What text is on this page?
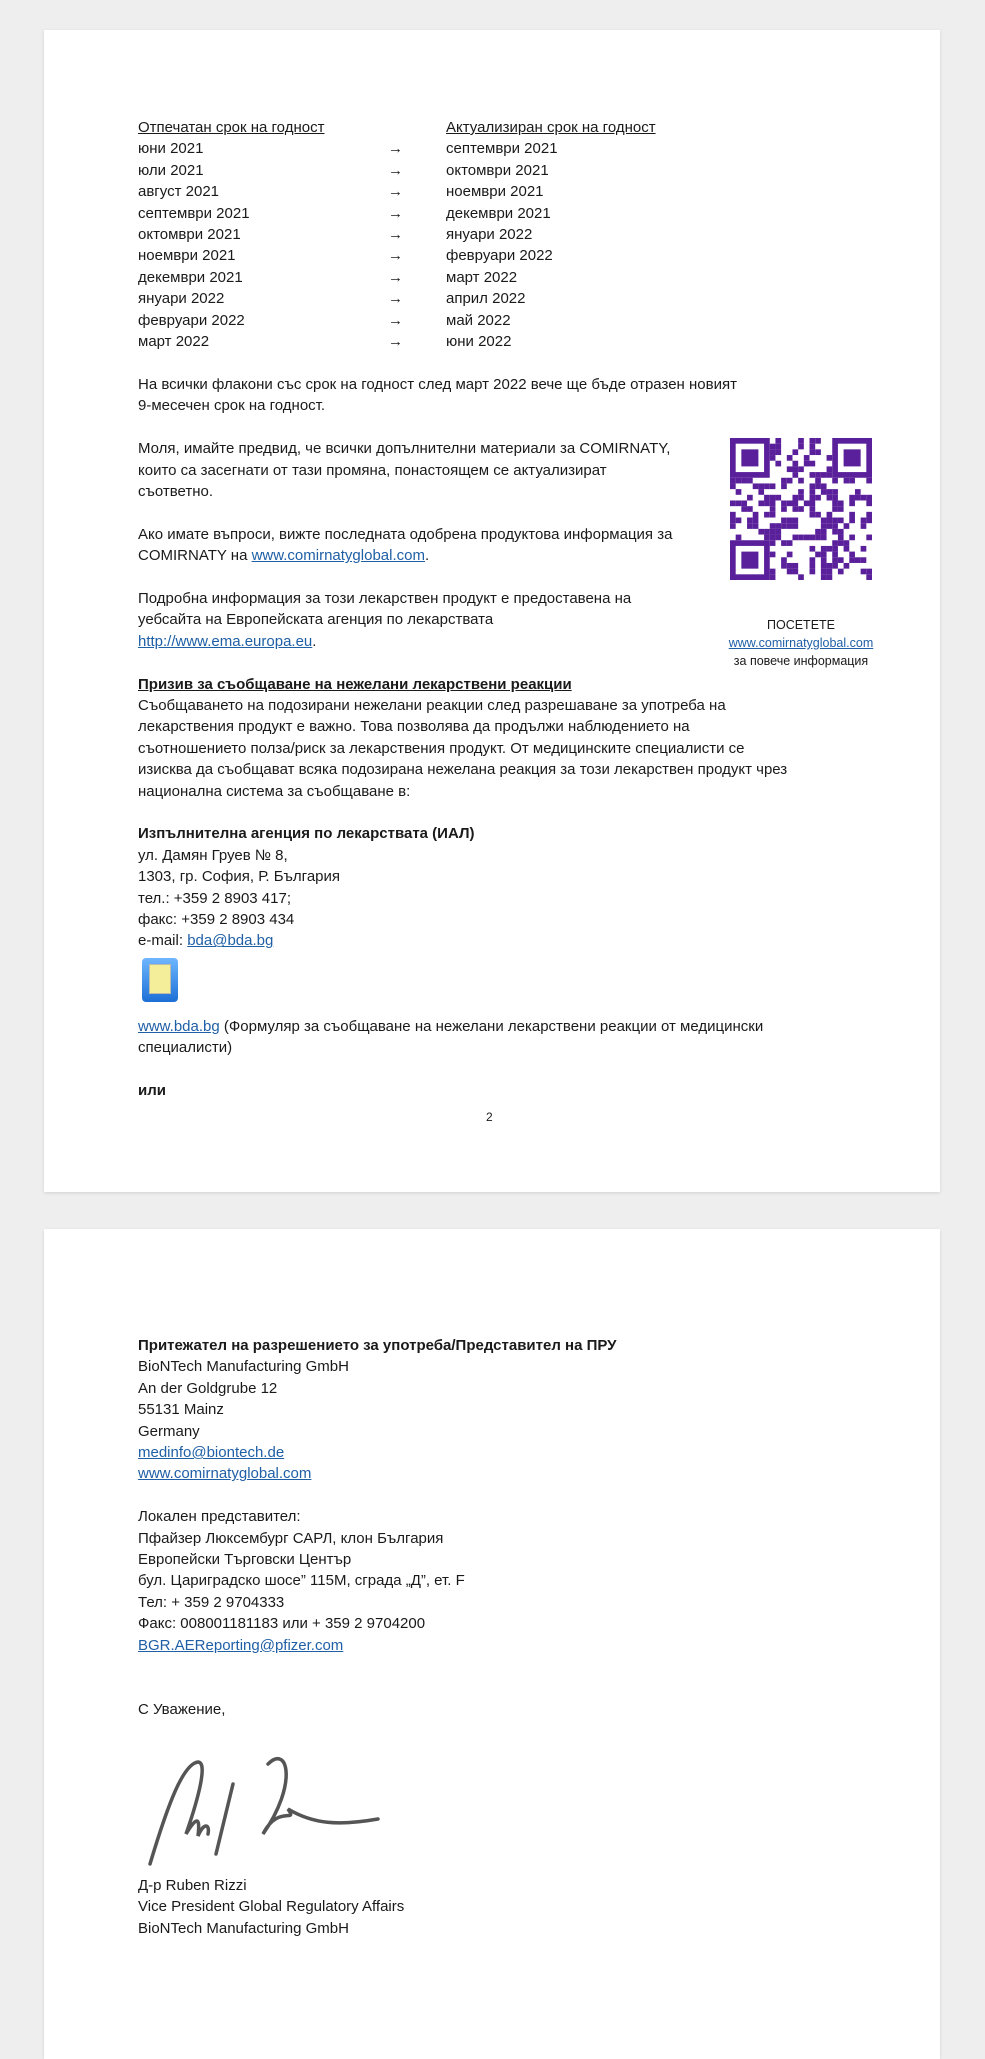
Отпечатан срок на годност		Актуализиран срок на годност
юни 2021	→	септември 2021
юли 2021	→	октомври 2021
август 2021	→	ноември 2021
септември 2021	→	декември 2021
октомври 2021	→	януари 2022
ноември 2021	→	февруари 2022
декември 2021	→	март 2022
януари 2022	→	април 2022
февруари 2022	→	май 2022
март 2022	→	юни 2022
На всички флакони със срок на годност след март 2022 вече ще бъде отразен новият
9-месечен срок на годност.
Моля, имайте предвид, че всички допълнителни материали за COMIRNATY,
които са засегнати от тази промяна, понастоящем се актуализират
съответно.
Ако имате въпроси, вижте последната одобрена продуктова информация за
COMIRNATY на www.comirnatyglobal.com.
Подробна информация за този лекарствен продукт е предоставена на
уебсайта на Европейската агенция по лекарствата
http://www.ema.europa.eu.
Призив за съобщаване на нежелани лекарствени реакции
Съобщаването на подозирани нежелани реакции след разрешаване за употреба на
лекарствения продукт е важно. Това позволява да продължи наблюдението на
съотношението полза/риск за лекарствения продукт. От медицинските специалисти се
изисква да съобщават всяка подозирана нежелана реакция за този лекарствен продукт чрез
национална система за съобщаване в:
Изпълнителна агенция по лекарствата (ИАЛ)
ул. Дамян Груев № 8,
1303, гр. София, Р. България
тел.: +359 2 8903 417;
факс: +359 2 8903 434
e-mail: bda@bda.bg
www.bda.bg (Формуляр за съобщаване на нежелани лекарствени реакции от медицински
специалисти)
или
ПОСЕТЕТЕ
www.comirnatyglobal.com
за повече информация
2
Притежател на разрешението за употреба/Представител на ПРУ
BioNTech Manufacturing GmbH
An der Goldgrube 12
55131 Mainz
Germany
medinfo@biontech.de
www.comirnatyglobal.com
Локален представител:
Пфайзер Люксембург САРЛ, клон България
Европейски Търговски Център
бул. Цариградско шосе” 115M, сграда „Д”, ет. F
Тел: + 359 2 9704333
Факс: 008001181183 или + 359 2 9704200
BGR.AEReporting@pfizer.com
С Уважение,
Д-р Ruben Rizzi
Vice President Global Regulatory Affairs
BioNTech Manufacturing GmbH
